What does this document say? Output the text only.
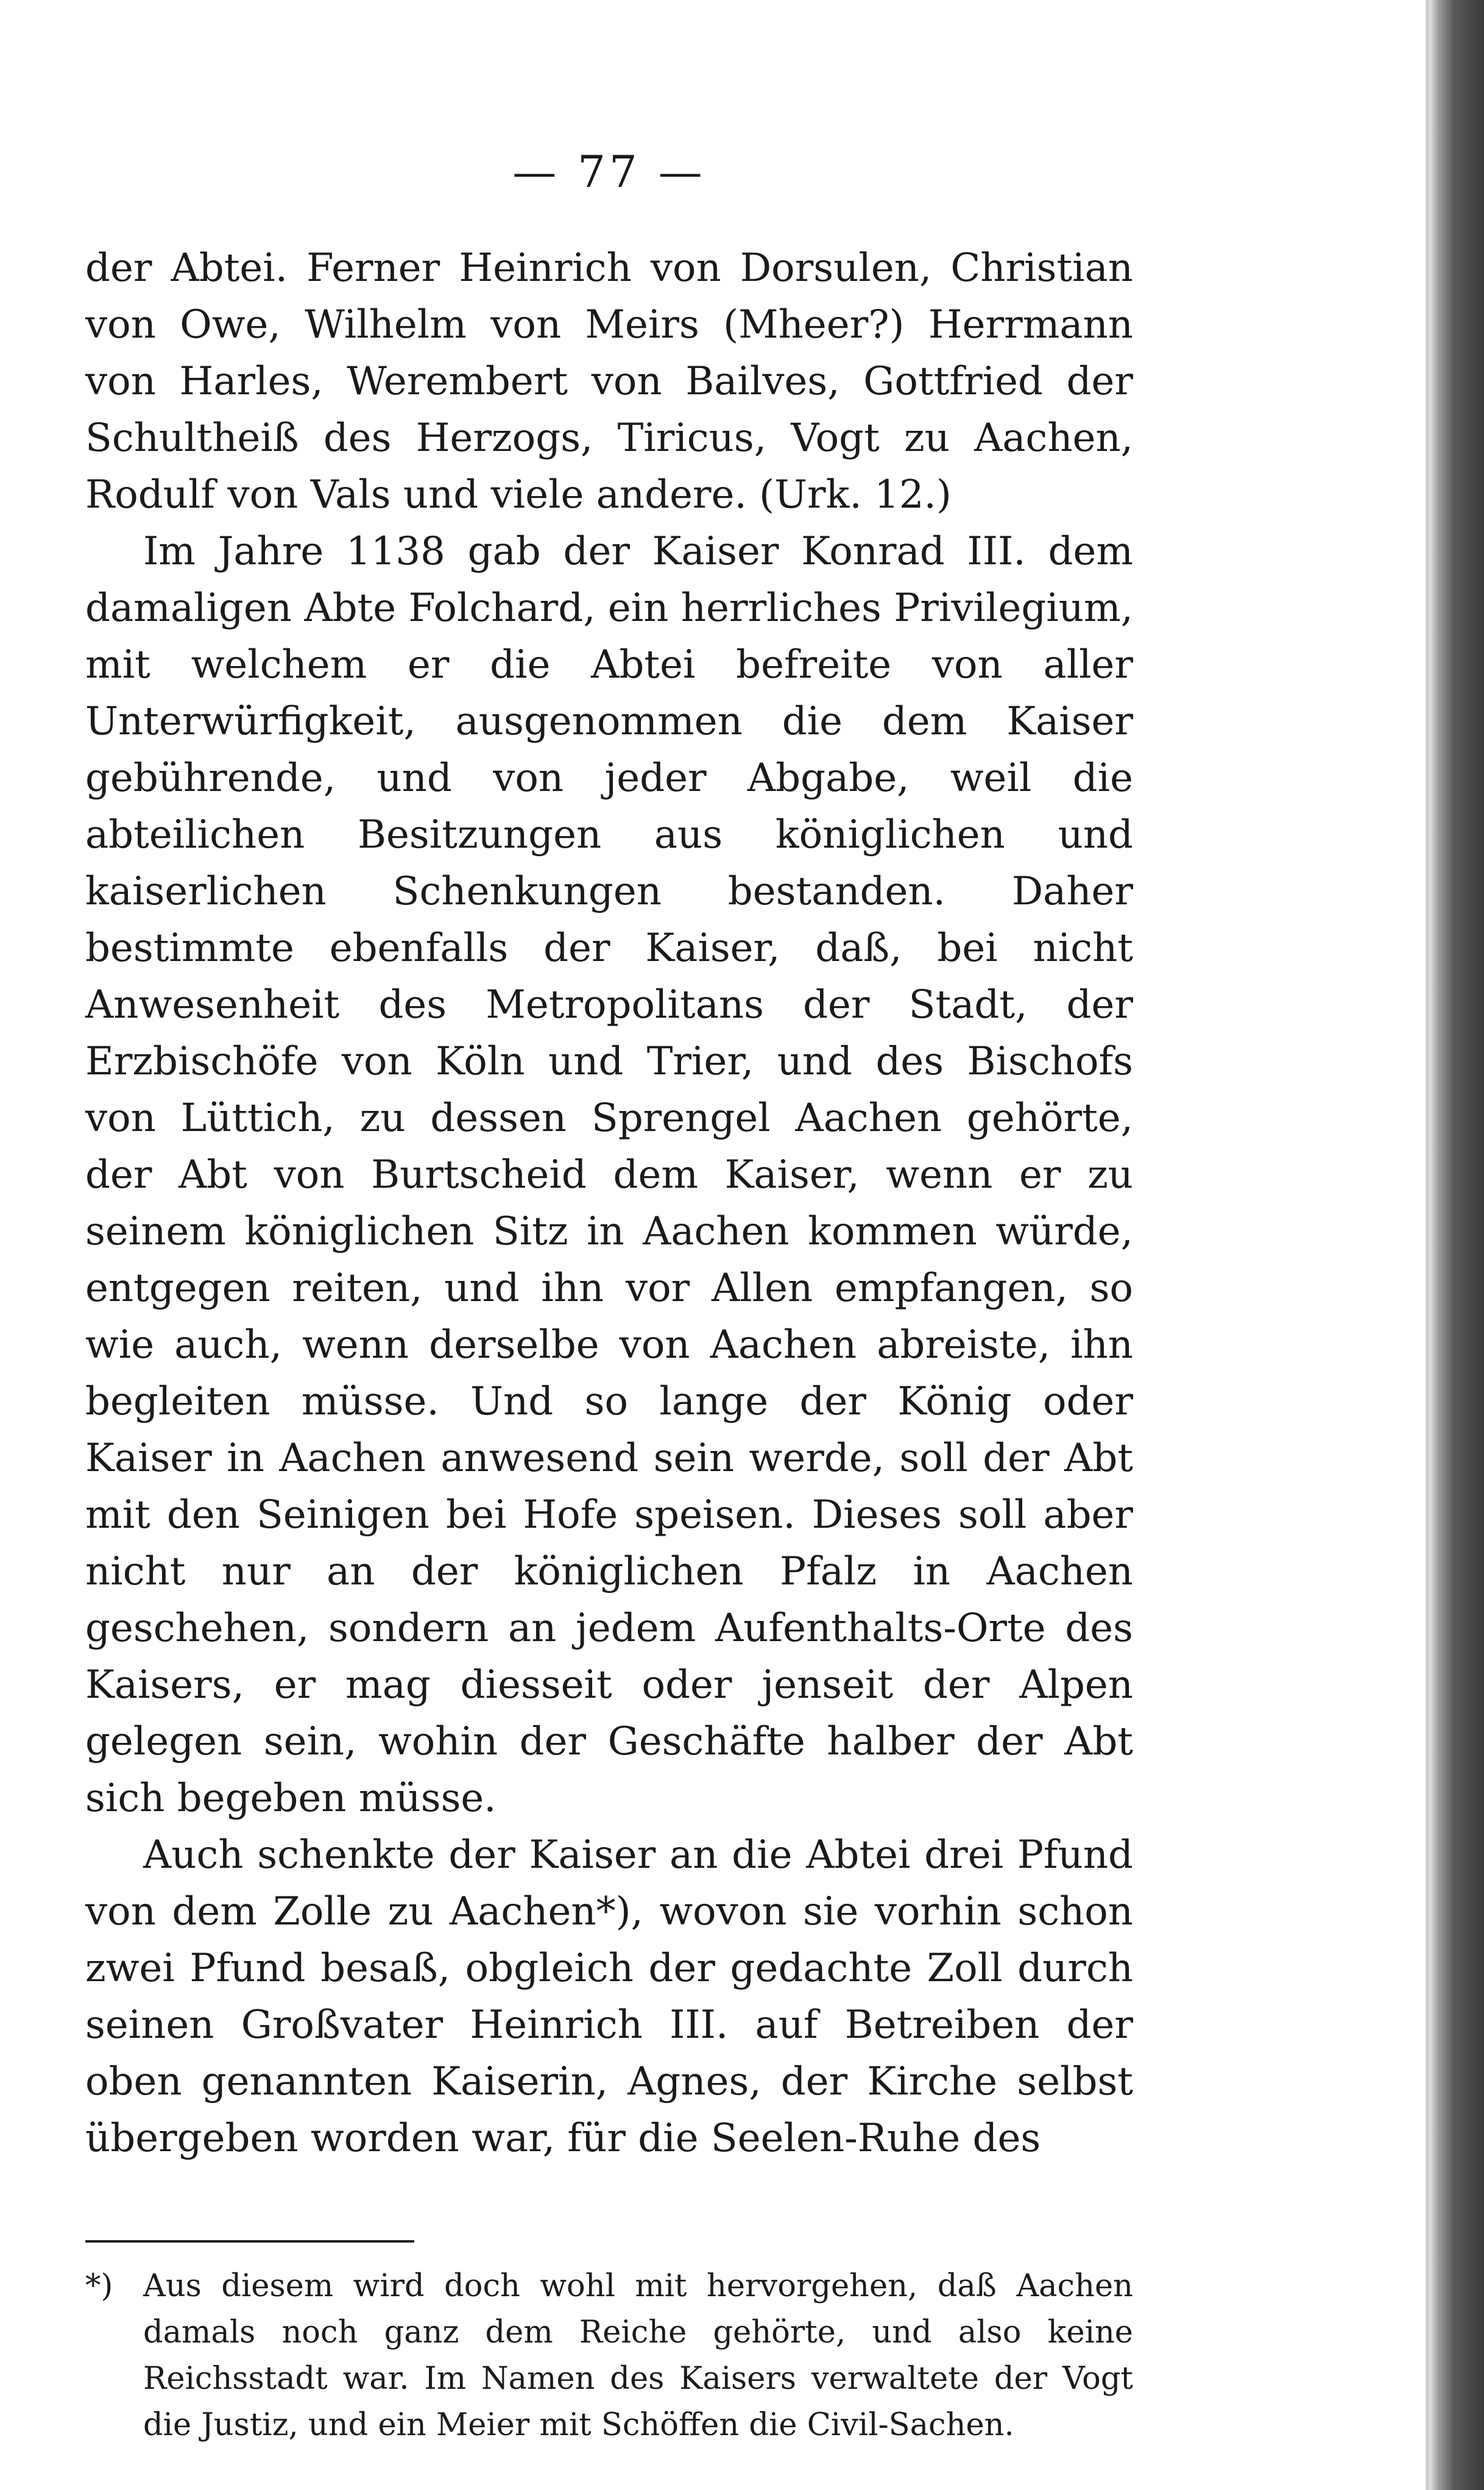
— 77 —

der Abtei. Ferner Heinrich von Dorsulen, Christian von Owe, Wilhelm von Meirs (Mheer?) Herrmann von Harles, Werembert von Bailves, Gottfried der Schultheiß des Herzogs, Tiricus, Vogt zu Aachen, Rodulf von Vals und viele andere. (Urk. 12.)

Im Jahre 1138 gab der Kaiser Konrad III. dem damaligen Abte Folchard, ein herrliches Privilegium, mit welchem er die Abtei befreite von aller Unterwürfigkeit, ausgenommen die dem Kaiser gebührende, und von jeder Abgabe, weil die abteilichen Besitzungen aus königlichen und kaiserlichen Schenkungen bestanden. Daher bestimmte ebenfalls der Kaiser, daß, bei nicht Anwesenheit des Metropolitans der Stadt, der Erzbischöfe von Köln und Trier, und des Bischofs von Lüttich, zu dessen Sprengel Aachen gehörte, der Abt von Burtscheid dem Kaiser, wenn er zu seinem königlichen Sitz in Aachen kommen würde, entgegen reiten, und ihn vor Allen empfangen, so wie auch, wenn derselbe von Aachen abreiste, ihn begleiten müsse. Und so lange der König oder Kaiser in Aachen anwesend sein werde, soll der Abt mit den Seinigen bei Hofe speisen. Dieses soll aber nicht nur an der königlichen Pfalz in Aachen geschehen, sondern an jedem Aufenthalts-Orte des Kaisers, er mag diesseit oder jenseit der Alpen gelegen sein, wohin der Geschäfte halber der Abt sich begeben müsse.

Auch schenkte der Kaiser an die Abtei drei Pfund von dem Zolle zu Aachen*), wovon sie vorhin schon zwei Pfund besaß, obgleich der gedachte Zoll durch seinen Großvater Heinrich III. auf Betreiben der oben genannten Kaiserin, Agnes, der Kirche selbst übergeben worden war, für die Seelen-Ruhe des

*) Aus diesem wird doch wohl mit hervorgehen, daß Aachen damals noch ganz dem Reiche gehörte, und also keine Reichsstadt war. Im Namen des Kaisers verwaltete der Vogt die Justiz, und ein Meier mit Schöffen die Civil-Sachen.
